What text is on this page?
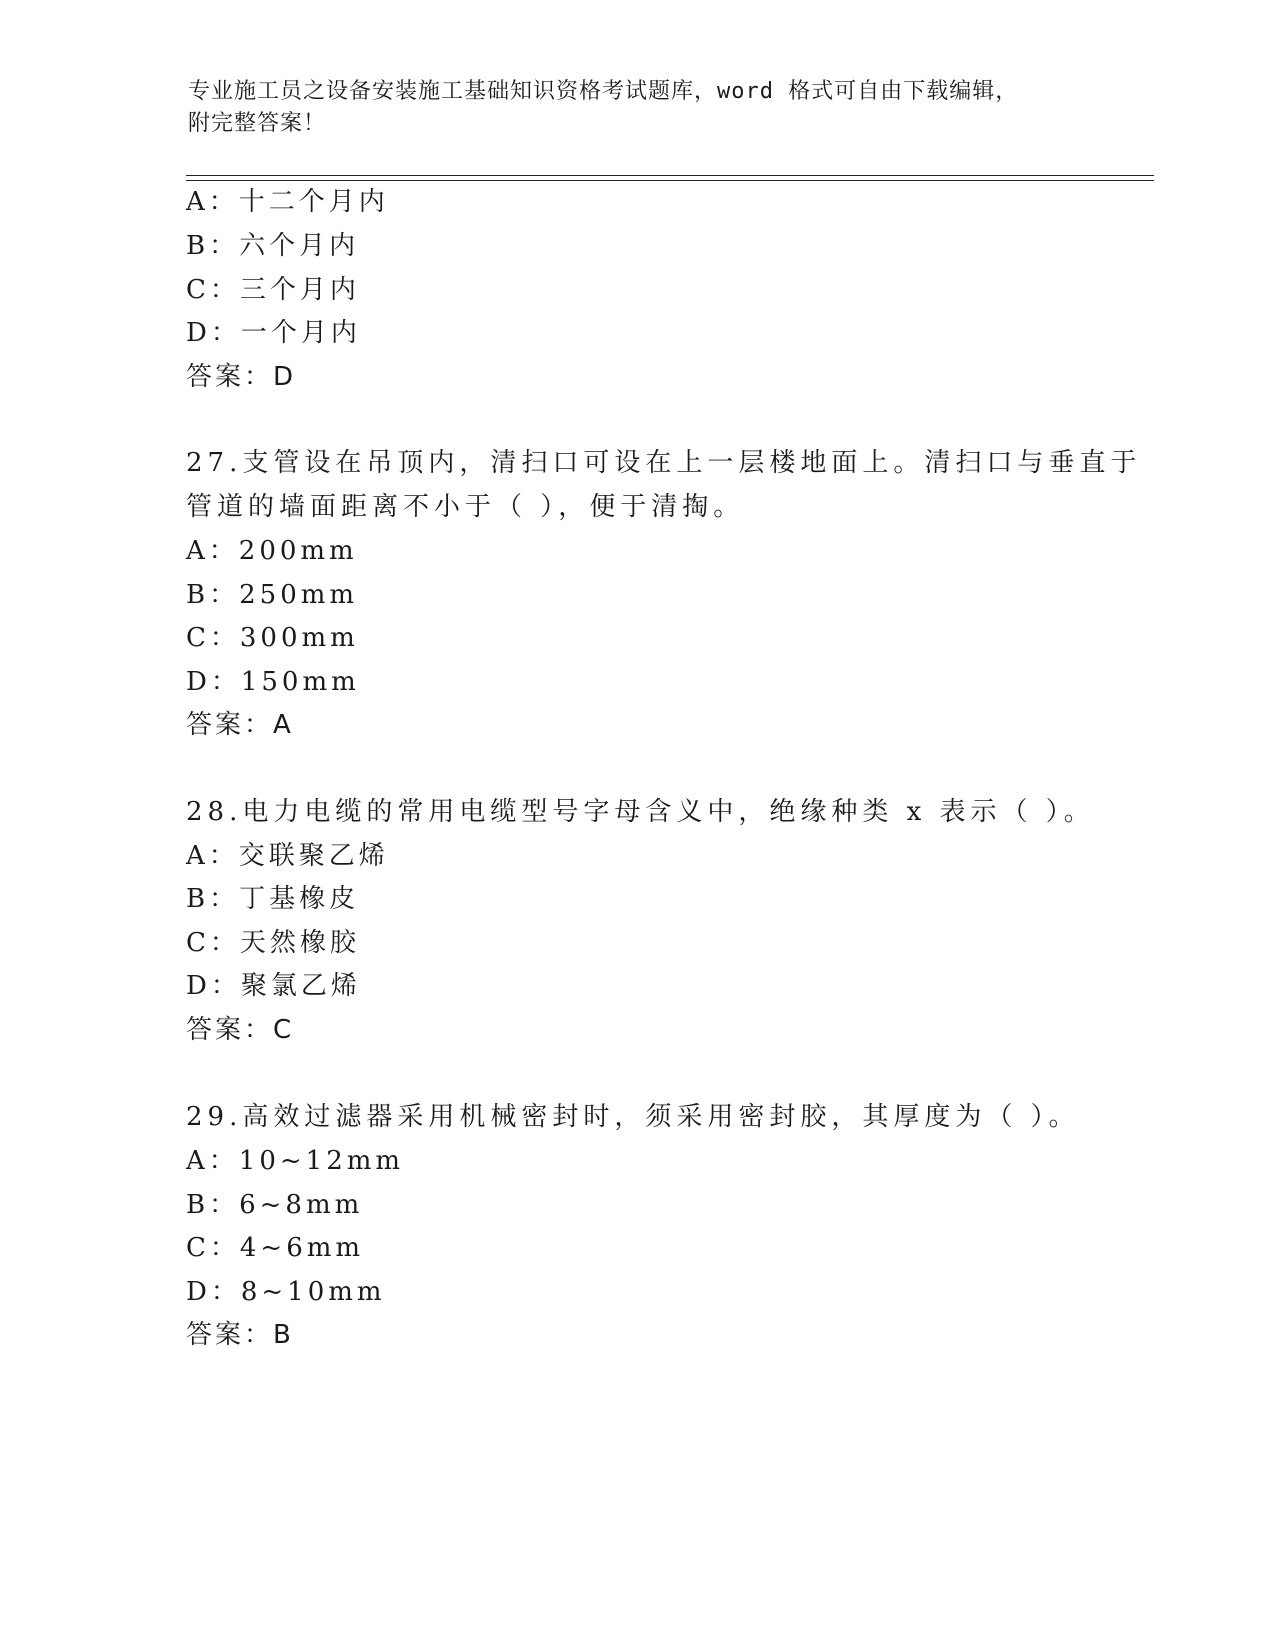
专业施工员之设备安装施工基础知识资格考试题库，word 格式可自由下载编辑，
附完整答案！
A：十二个月内
B：六个月内
C：三个月内
D：一个月内
答案：D
27.支管设在吊顶内，清扫口可设在上一层楼地面上。清扫口与垂直于
管道的墙面距离不小于（ ），便于清掏。
A：200mm
B：250mm
C：300mm
D：150mm
答案：A
28.电力电缆的常用电缆型号字母含义中，绝缘种类 x 表示（ ）。
A：交联聚乙烯
B：丁基橡皮
C：天然橡胶
D：聚氯乙烯
答案：C
29.高效过滤器采用机械密封时，须采用密封胶，其厚度为（ ）。
A：10~12mm
B：6~8mm
C：4~6mm
D：8~10mm
答案：B
